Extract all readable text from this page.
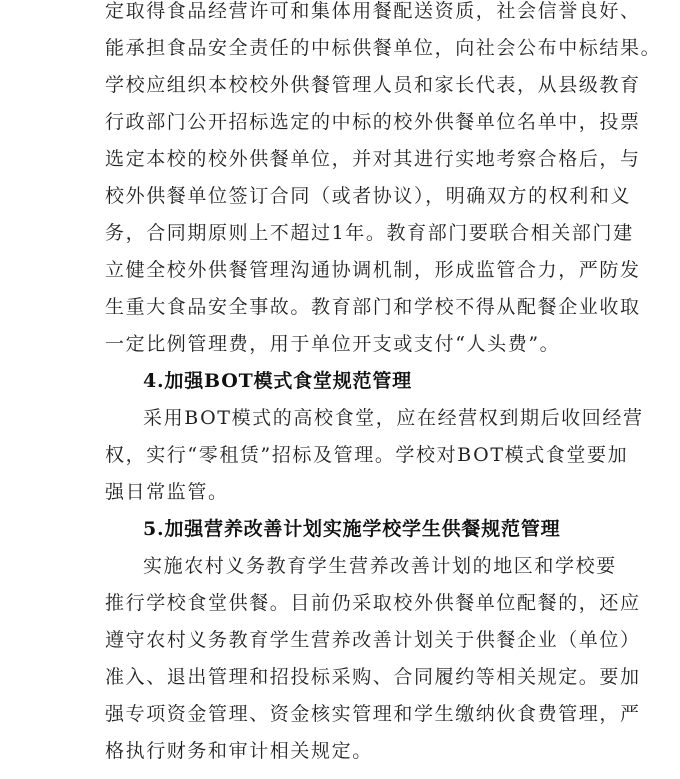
定取得食品经营许可和集体用餐配送资质，社会信誉良好、
能承担食品安全责任的中标供餐单位，向社会公布中标结果。
学校应组织本校校外供餐管理人员和家长代表，从县级教育
行政部门公开招标选定的中标的校外供餐单位名单中，投票
选定本校的校外供餐单位，并对其进行实地考察合格后，与
校外供餐单位签订合同（或者协议），明确双方的权利和义
务，合同期原则上不超过1年。教育部门要联合相关部门建
立健全校外供餐管理沟通协调机制，形成监管合力，严防发
生重大食品安全事故。教育部门和学校不得从配餐企业收取
一定比例管理费，用于单位开支或支付“人头费”。
4.加强BOT模式食堂规范管理
采用BOT模式的高校食堂，应在经营权到期后收回经营
权，实行“零租赁”招标及管理。学校对BOT模式食堂要加
强日常监管。
5.加强营养改善计划实施学校学生供餐规范管理
实施农村义务教育学生营养改善计划的地区和学校要
推行学校食堂供餐。目前仍采取校外供餐单位配餐的，还应
遵守农村义务教育学生营养改善计划关于供餐企业（单位）
准入、退出管理和招投标采购、合同履约等相关规定。要加
强专项资金管理、资金核实管理和学生缴纳伙食费管理，严
格执行财务和审计相关规定。
